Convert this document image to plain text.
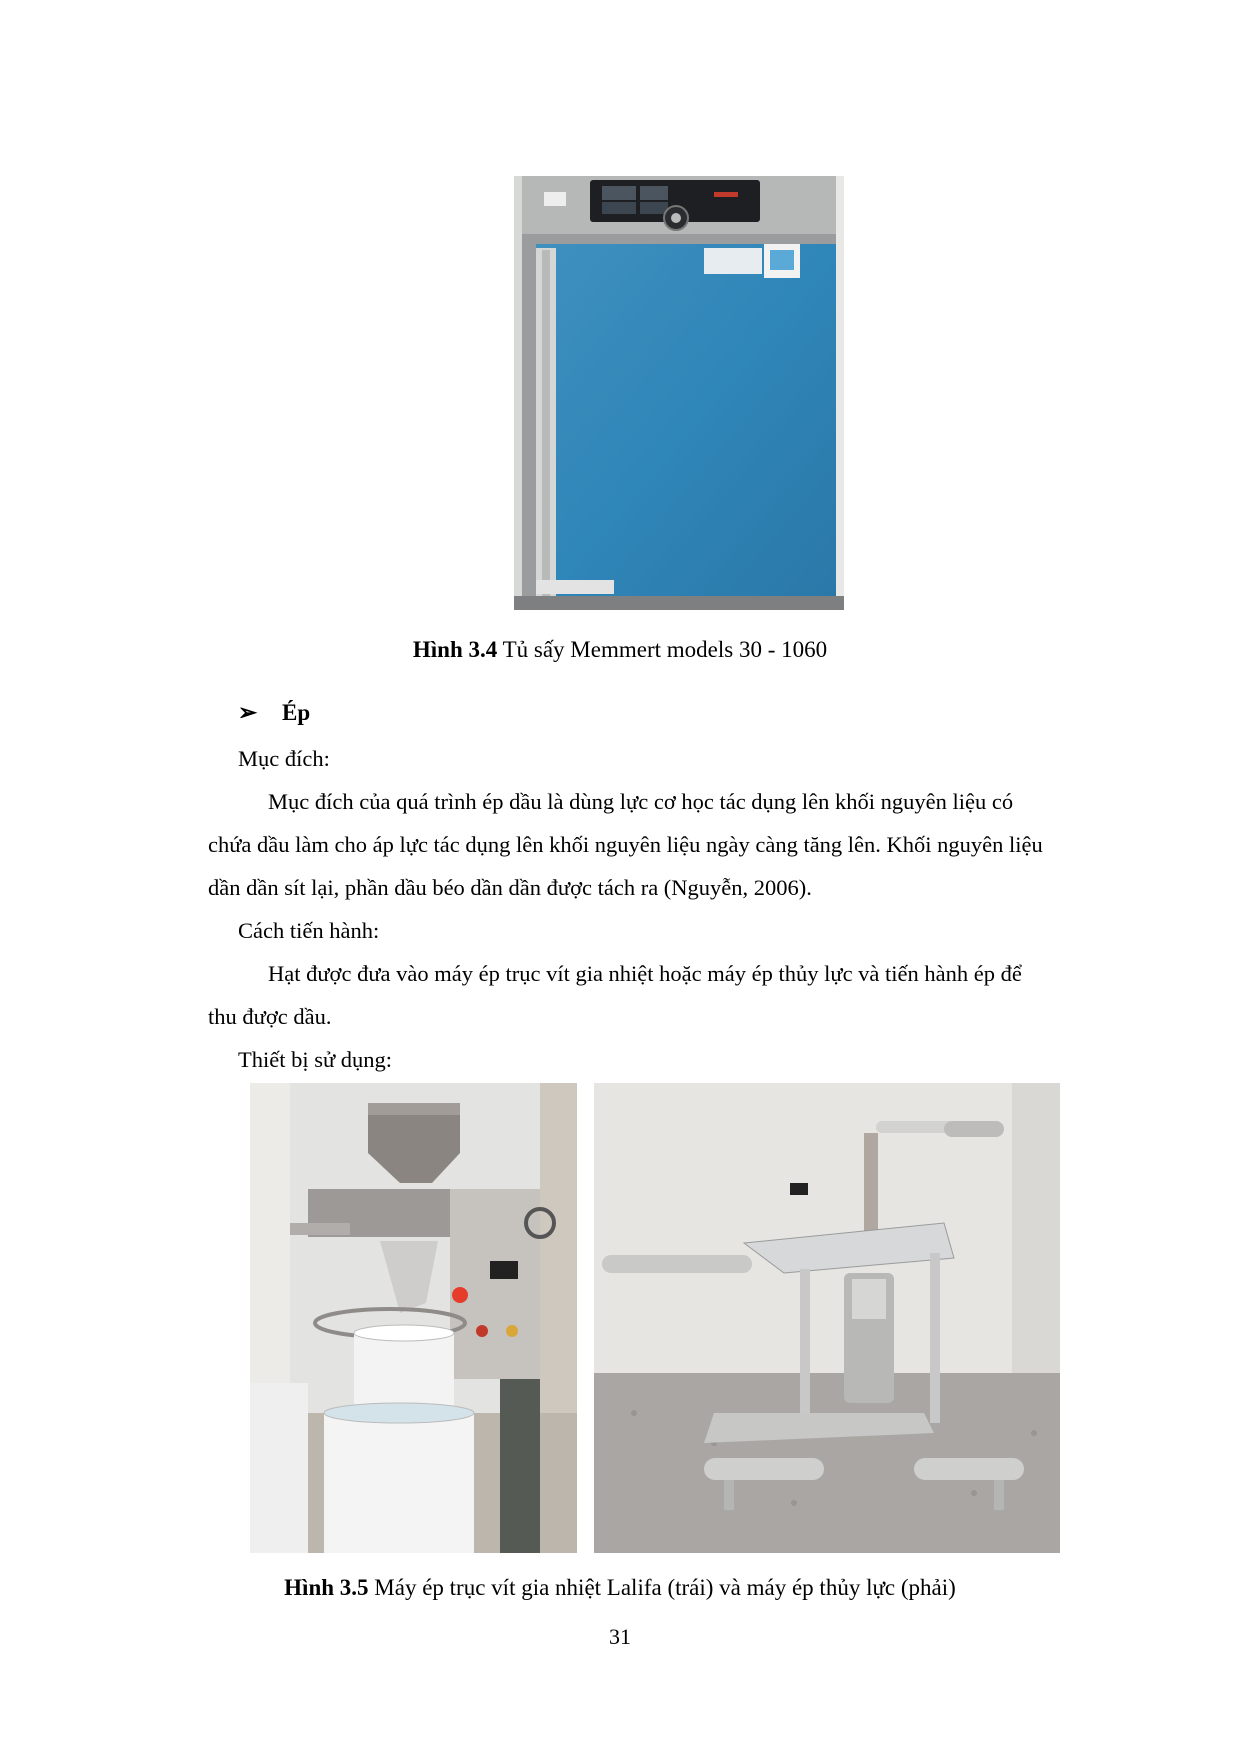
Hình 3.4 Tủ sấy Memmert models 30 - 1060
➢ Ép
Mục đích:
Mục đích của quá trình ép dầu là dùng lực cơ học tác dụng lên khối nguyên liệu có
chứa dầu làm cho áp lực tác dụng lên khối nguyên liệu ngày càng tăng lên. Khối nguyên liệu
dần dần sít lại, phần dầu béo dần dần được tách ra (Nguyễn, 2006).
Cách tiến hành:
Hạt được đưa vào máy ép trục vít gia nhiệt hoặc máy ép thủy lực và tiến hành ép để
thu được dầu.
Thiết bị sử dụng:
Hình 3.5 Máy ép trục vít gia nhiệt Lalifa (trái) và máy ép thủy lực (phải)
31
